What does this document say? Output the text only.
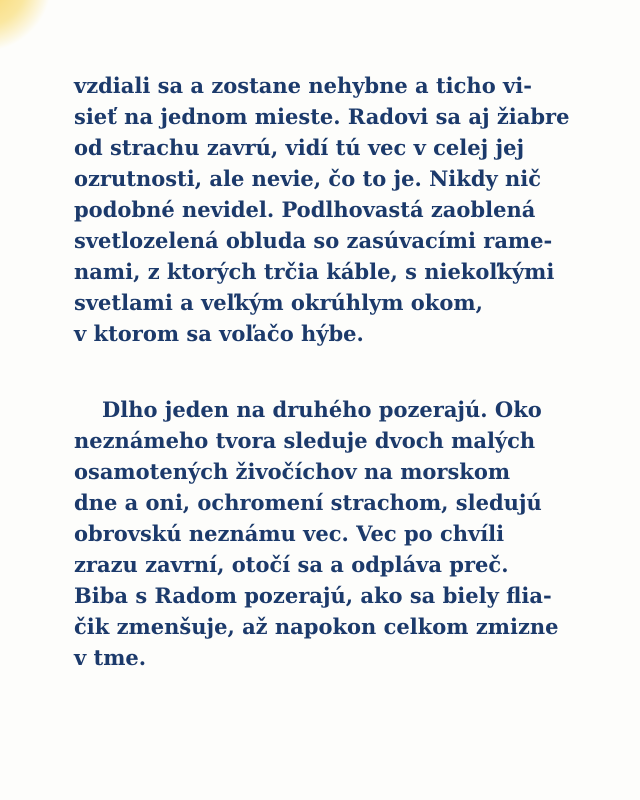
vzdiali sa a zostane nehybne a ticho vi-
sieť na jednom mieste. Radovi sa aj žiabre
od strachu zavrú, vidí tú vec v celej jej
ozrutnosti, ale nevie, čo to je. Nikdy nič
podobné nevidel. Podlhovastá zaoblená
svetlozelená obluda so zasúvacími rame-
nami, z ktorých trčia káble, s niekoľkými
svetlami a veľkým okrúhlym okom,
v ktorom sa voľačo hýbe.

Dlho jeden na druhého pozerajú. Oko
neznámeho tvora sleduje dvoch malých
osamotených živočíchov na morskom
dne a oni, ochromení strachom, sledujú
obrovskú neznámu vec. Vec po chvíli
zrazu zavrní, otočí sa a odpláva preč.
Biba s Radom pozerajú, ako sa biely flia-
čik zmenšuje, až napokon celkom zmizne
v tme.
